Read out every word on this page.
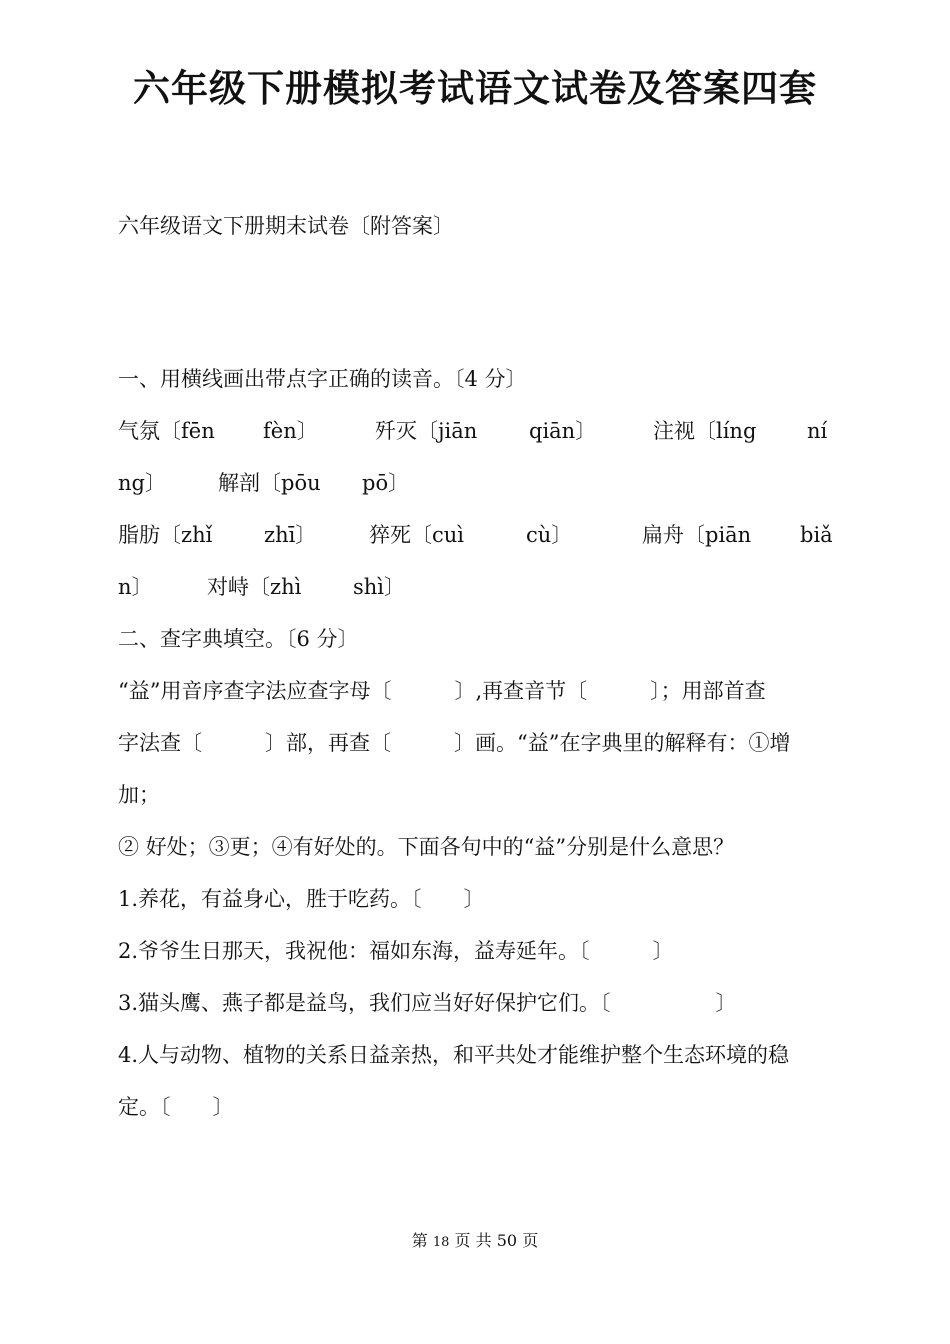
六年级下册模拟考试语文试卷及答案四套
六年级语文下册期末试卷〔附答案〕
一、用横线画出带点字正确的读音。〔4 分〕
气氛〔fēn fèn〕	歼灭〔jiān qiān〕	注视〔líng ní
ng〕 解剖〔pōu pō〕
脂肪〔zhǐ zhī〕	猝死〔cuì	cù〕	扁舟〔piān biǎ
n〕	对峙〔zhì shì〕
二、查字典填空。〔6 分〕
“益”用音序查字法应查字母〔　　　〕,再查音节〔　　　〕；用部首查
字法查〔　　　〕部，再查〔　　　〕画。“益”在字典里的解释有：①增
加；
② 好处；③更；④有好处的。下面各句中的“益”分别是什么意思？
1.养花，有益身心，胜于吃药。〔　　〕
2.爷爷生日那天，我祝他：福如东海，益寿延年。〔　　　〕
3.猫头鹰、燕子都是益鸟，我们应当好好保护它们。〔　　　　　〕
4.人与动物、植物的关系日益亲热，和平共处才能维护整个生态环境的稳
定。〔　　〕
第 18 页 共 50 页
